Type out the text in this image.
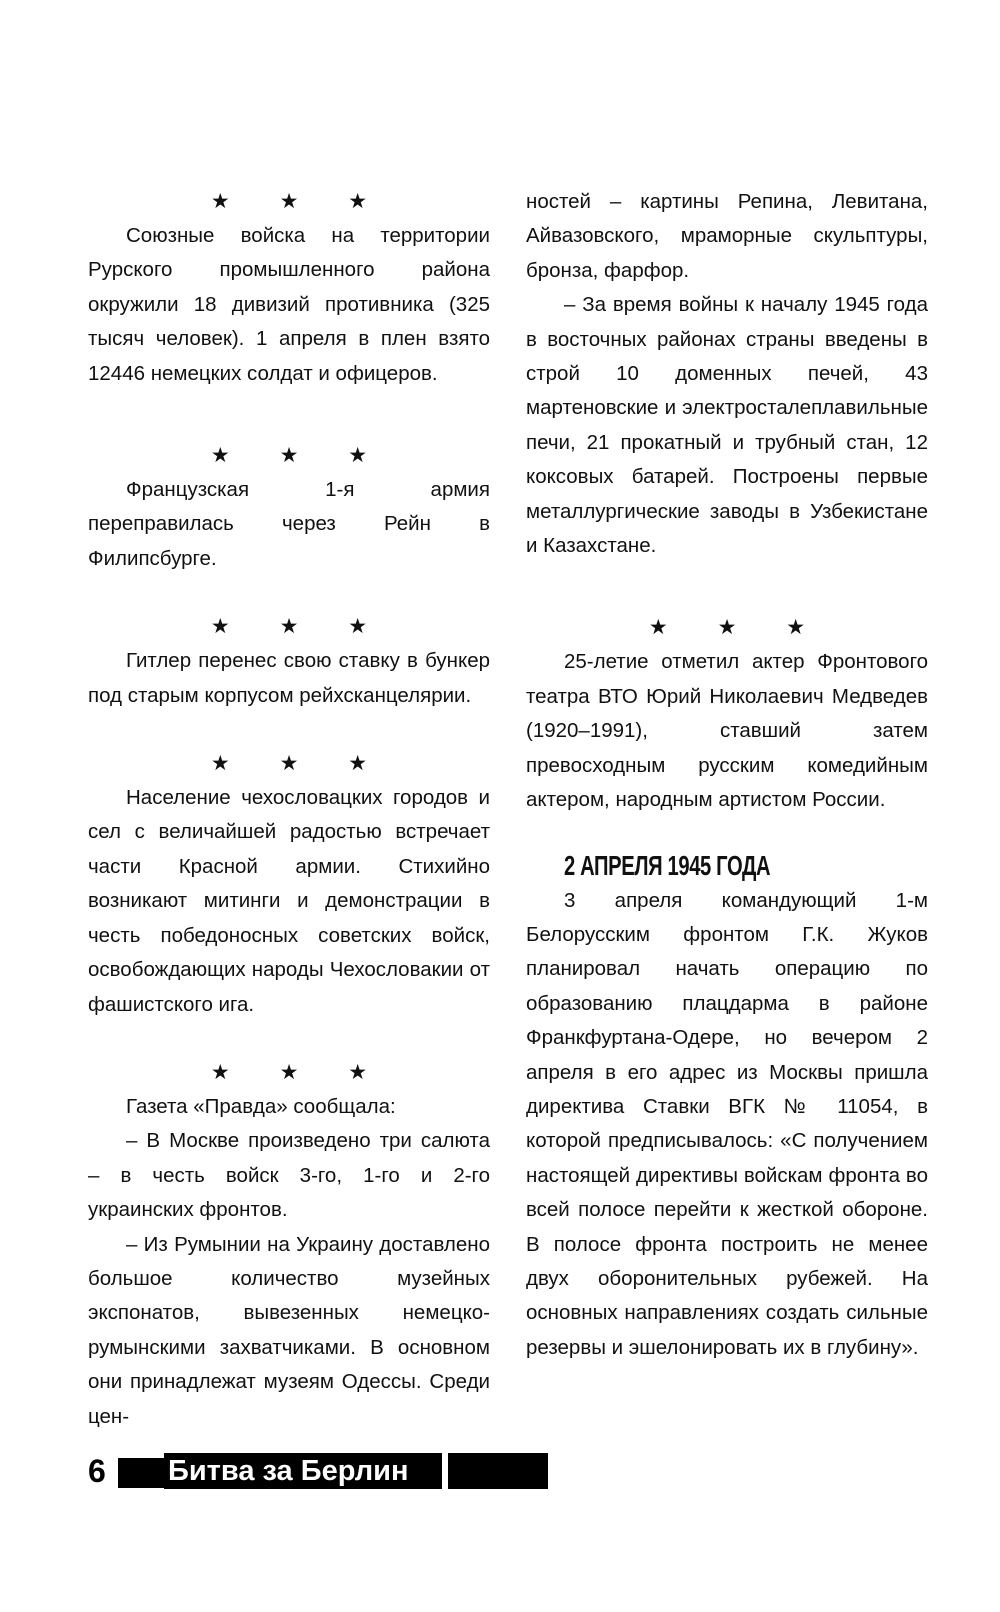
★ ★ ★

Союзные войска на территории Рурского промышленного района окружили 18 дивизий противника (325 тысяч человек). 1 апреля в плен взято 12446 немецких солдат и офицеров.

★ ★ ★

Французская 1-я армия переправилась через Рейн в Филипсбурге.

★ ★ ★

Гитлер перенес свою ставку в бункер под старым корпусом рейхсканцелярии.

★ ★ ★

Население чехословацких городов и сел с величайшей радостью встречает части Красной армии. Стихийно возникают митинги и демонстрации в честь победоносных советских войск, освобождающих народы Чехословакии от фашистского ига.

★ ★ ★

Газета «Правда» сообщала:

– В Москве произведено три салюта – в честь войск 3-го, 1-го и 2-го украинских фронтов.

– Из Румынии на Украину доставлено большое количество музейных экспонатов, вывезенных немецко-румынскими захватчиками. В основном они принадлежат музеям Одессы. Среди цен-

ностей – картины Репина, Левитана, Айвазовского, мраморные скульптуры, бронза, фарфор.

– За время войны к началу 1945 года в восточных районах страны введены в строй 10 доменных печей, 43 мартеновские и электросталеплавильные печи, 21 прокатный и трубный стан, 12 коксовых батарей. Построены первые металлургические заводы в Узбекистане и Казахстане.

★ ★ ★

25-летие отметил актер Фронтового театра ВТО Юрий Николаевич Медведев (1920–1991), ставший затем превосходным русским комедийным актером, народным артистом России.

2 АПРЕЛЯ 1945 ГОДА

3 апреля командующий 1-м Белорусским фронтом Г.К. Жуков планировал начать операцию по образованию плацдарма в районе Франкфуртана-Одере, но вечером 2 апреля в его адрес из Москвы пришла директива Ставки ВГК № 11054, в которой предписывалось: «С получением настоящей директивы войскам фронта во всей полосе перейти к жесткой обороне. В полосе фронта построить не менее двух оборонительных рубежей. На основных направлениях создать сильные резервы и эшелонировать их в глубину».

6	Битва за Берлин
